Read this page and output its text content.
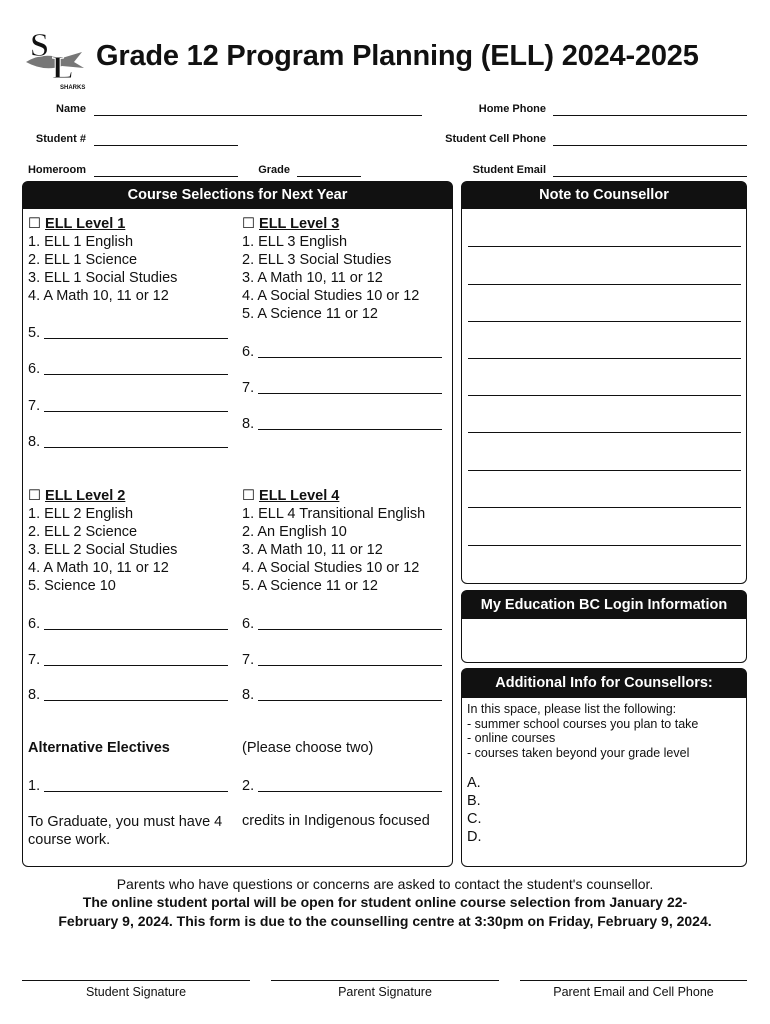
S
L
SHARKS
Grade 12 Program Planning (ELL) 2024-2025
Name	Home Phone
Student #	Student Cell Phone
Homeroom	Grade	Student Email
Course Selections for Next Year
☐ ELL Level 1
1. ELL 1 English
2. ELL 1 Science
3. ELL 1 Social Studies
4. A Math 10, 11 or 12
5.
6.
7.
8.
☐ ELL Level 3
1. ELL 3 English
2. ELL 3 Social Studies
3. A Math 10, 11 or 12
4. A Social Studies 10 or 12
5. A Science 11 or 12
6.
7.
8.
☐ ELL Level 2
1. ELL 2 English
2. ELL 2 Science
3. ELL 2 Social Studies
4. A Math 10, 11 or 12
5. Science 10
6.
7.
8.
☐ ELL Level 4
1. ELL 4 Transitional English
2. An English 10
3. A Math 10, 11 or 12
4. A Social Studies 10 or 12
5. A Science 11 or 12
6.
7.
8.
Alternative Electives	(Please choose two)
1.	2.
To Graduate, you must have 4
course work.
credits in Indigenous focused
Note to Counsellor
My Education BC Login Information
Additional Info for Counsellors:
In this space, please list the following:
- summer school courses you plan to take
- online courses
- courses taken beyond your grade level
A.
B.
C.
D.
Parents who have questions or concerns are asked to contact the student's counsellor.
The online student portal will be open for student online course selection from January 22-
February 9, 2024. This form is due to the counselling centre at 3:30pm on Friday, February 9, 2024.
Student Signature	Parent Signature	Parent Email and Cell Phone
